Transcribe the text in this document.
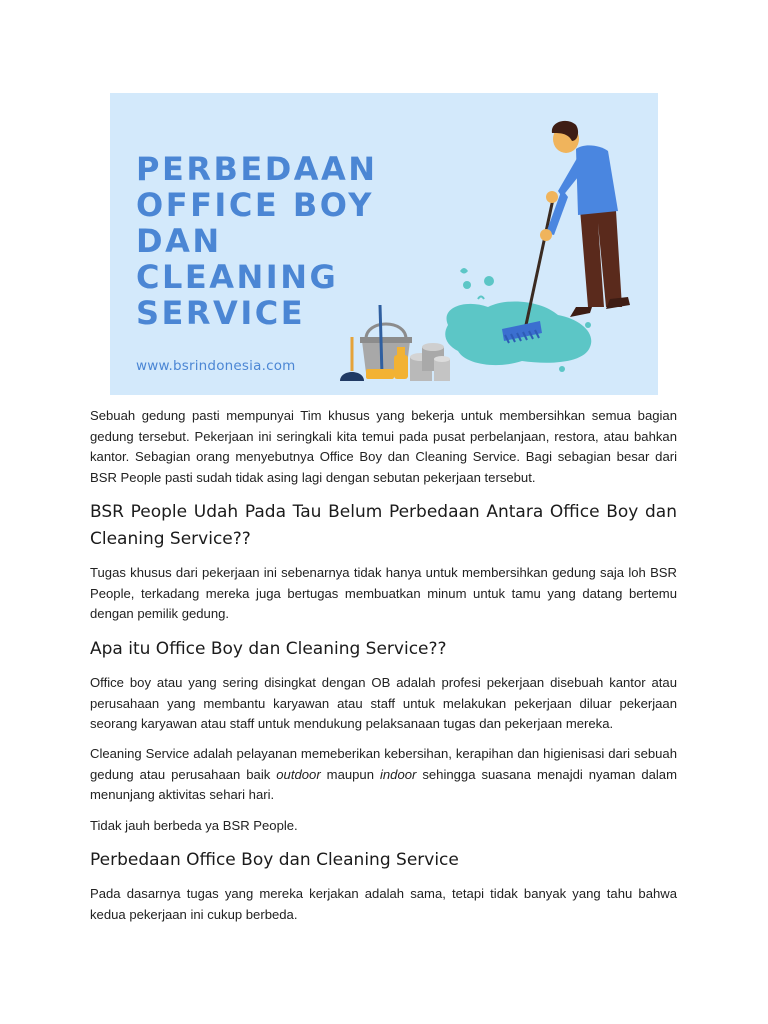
PERBEDAAN
OFFICE BOY
DAN
CLEANING
SERVICE
www.bsrindonesia.com

Sebuah gedung pasti mempunyai Tim khusus yang bekerja untuk membersihkan semua bagian gedung tersebut. Pekerjaan ini seringkali kita temui pada pusat perbelanjaan, restora, atau bahkan kantor. Sebagian orang menyebutnya Office Boy dan Cleaning Service. Bagi sebagian besar dari BSR People pasti sudah tidak asing lagi dengan sebutan pekerjaan tersebut.

BSR People Udah Pada Tau Belum Perbedaan Antara Office Boy dan Cleaning Service??

Tugas khusus dari pekerjaan ini sebenarnya tidak hanya untuk membersihkan gedung saja loh BSR People, terkadang mereka juga bertugas membuatkan minum untuk tamu yang datang bertemu dengan pemilik gedung.

Apa itu Office Boy dan Cleaning Service??

Office boy atau yang sering disingkat dengan OB adalah profesi pekerjaan disebuah kantor atau perusahaan yang membantu karyawan atau staff untuk melakukan pekerjaan diluar pekerjaan seorang karyawan atau staff untuk mendukung pelaksanaan tugas dan pekerjaan mereka.

Cleaning Service adalah pelayanan memeberikan kebersihan, kerapihan dan higienisasi dari sebuah gedung atau perusahaan baik outdoor maupun indoor sehingga suasana menajdi nyaman dalam menunjang aktivitas sehari hari.

Tidak jauh berbeda ya BSR People.

Perbedaan Office Boy dan Cleaning Service

Pada dasarnya tugas yang mereka kerjakan adalah sama, tetapi tidak banyak yang tahu bahwa kedua pekerjaan ini cukup berbeda.
